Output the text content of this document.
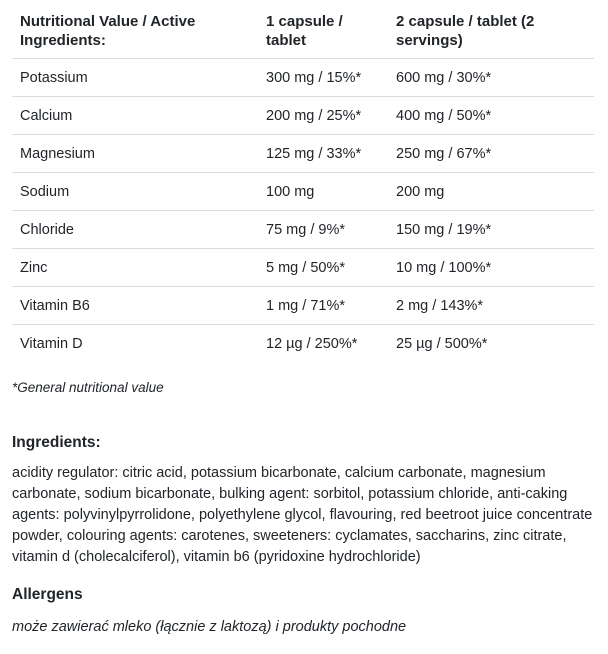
Nutritional Value / Active Ingredients:	1 capsule / tablet	2 capsule / tablet (2 servings)

Potassium	300 mg / 15%*	600 mg / 30%*
Calcium	200 mg / 25%*	400 mg / 50%*
Magnesium	125 mg / 33%*	250 mg / 67%*
Sodium	100 mg	200 mg
Chloride	75 mg / 9%*	150 mg / 19%*
Zinc	5 mg / 50%*	10 mg / 100%*
Vitamin B6	1 mg / 71%*	2 mg / 143%*
Vitamin D	12 µg / 250%*	25 µg / 500%*

*General nutritional value

Ingredients:

acidity regulator: citric acid, potassium bicarbonate, calcium carbonate, magnesium carbonate, sodium bicarbonate, bulking agent: sorbitol, potassium chloride, anti-caking agents: polyvinylpyrrolidone, polyethylene glycol, flavouring, red beetroot juice concentrate powder, colouring agents: carotenes, sweeteners: cyclamates, saccharins, zinc citrate, vitamin d (cholecalciferol), vitamin b6 (pyridoxine hydrochloride)

Allergens

może zawierać mleko (łącznie z laktozą) i produkty pochodne
